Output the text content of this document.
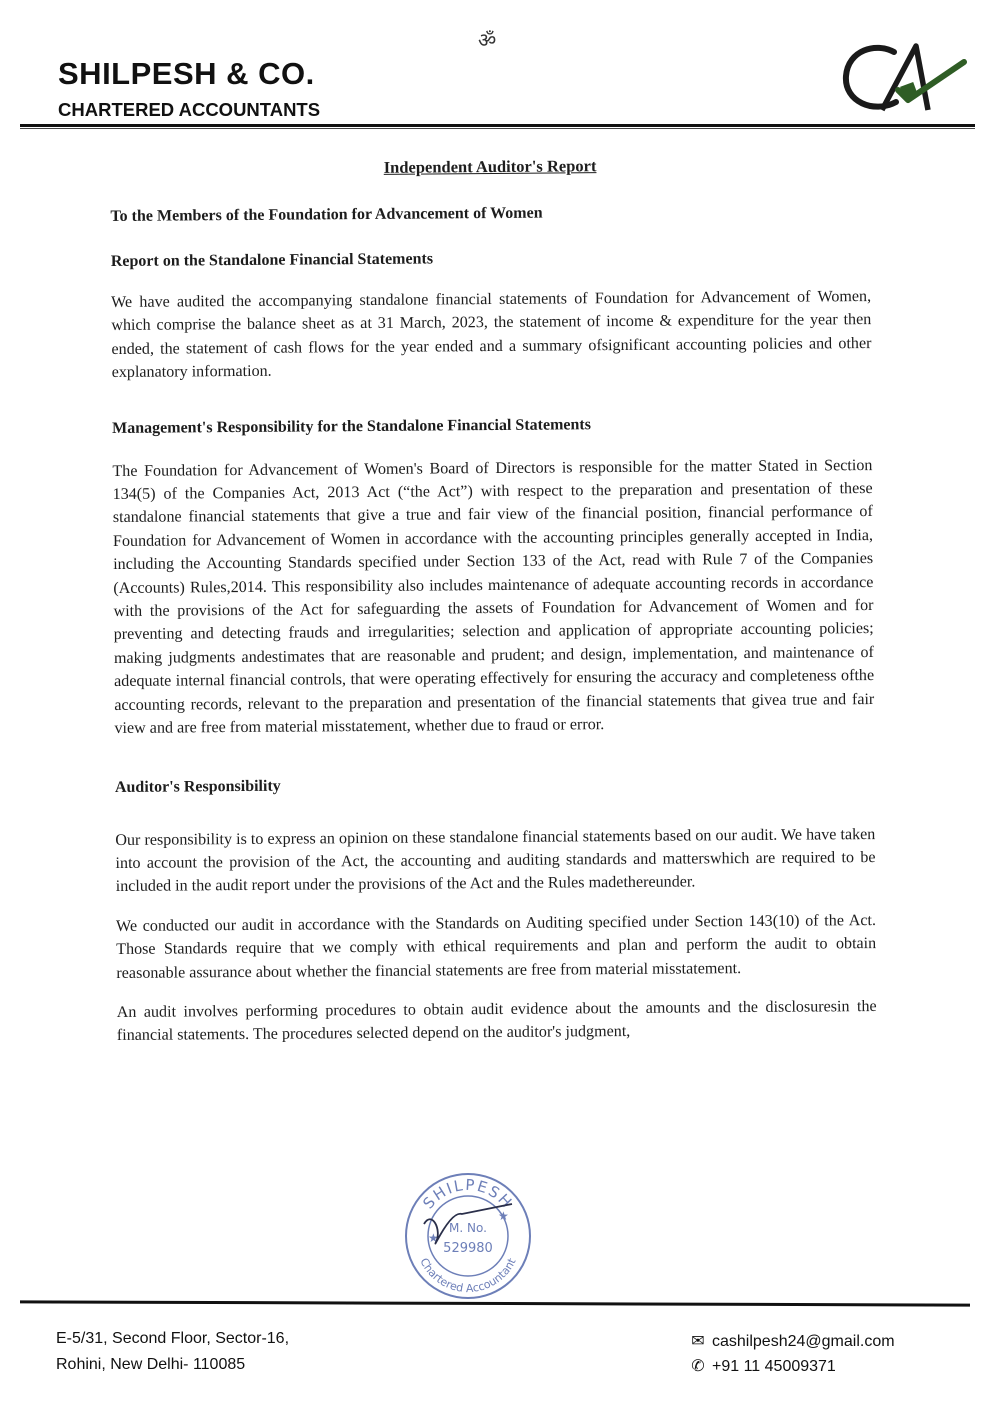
ॐ
SHILPESH & CO.
CHARTERED ACCOUNTANTS
Independent Auditor's Report
To the Members of the Foundation for Advancement of Women
Report on the Standalone Financial Statements

We have audited the accompanying standalone financial statements of Foundation for Advancement of Women, which comprise the balance sheet as at 31 March, 2023, the statement of income & expenditure for the year then ended, the statement of cash flows for the year ended and a summary ofsignificant accounting policies and other explanatory information.

Management's Responsibility for the Standalone Financial Statements

The Foundation for Advancement of Women's Board of Directors is responsible for the matter Stated in Section 134(5) of the Companies Act, 2013 Act (“the Act”) with respect to the preparation and presentation of these standalone financial statements that give a true and fair view of the financial position, financial performance of Foundation for Advancement of Women in accordance with the accounting principles generally accepted in India, including the Accounting Standards specified under Section 133 of the Act, read with Rule 7 of the Companies (Accounts) Rules,2014. This responsibility also includes maintenance of adequate accounting records in accordance with the provisions of the Act for safeguarding the assets of Foundation for Advancement of Women and for preventing and detecting frauds and irregularities; selection and application of appropriate accounting policies; making judgments andestimates that are reasonable and prudent; and design, implementation, and maintenance of adequate internal financial controls, that were operating effectively for ensuring the accuracy and completeness ofthe accounting records, relevant to the preparation and presentation of the financial statements that givea true and fair view and are free from material misstatement, whether due to fraud or error.

Auditor's Responsibility

Our responsibility is to express an opinion on these standalone financial statements based on our audit. We have taken into account the provision of the Act, the accounting and auditing standards and matterswhich are required to be included in the audit report under the provisions of the Act and the Rules madethereunder.

We conducted our audit in accordance with the Standards on Auditing specified under Section 143(10) of the Act. Those Standards require that we comply with ethical requirements and plan and perform the audit to obtain reasonable assurance about whether the financial statements are free from material misstatement.

An audit involves performing procedures to obtain audit evidence about the amounts and the disclosuresin the financial statements. The procedures selected depend on the auditor's judgment,

SHILPESH
Chartered Accountant
★
★
M. No.
529980
E-5/31, Second Floor, Sector-16,
Rohini, New Delhi- 110085
✉ cashilpesh24@gmail.com
✆ +91 11 45009371
